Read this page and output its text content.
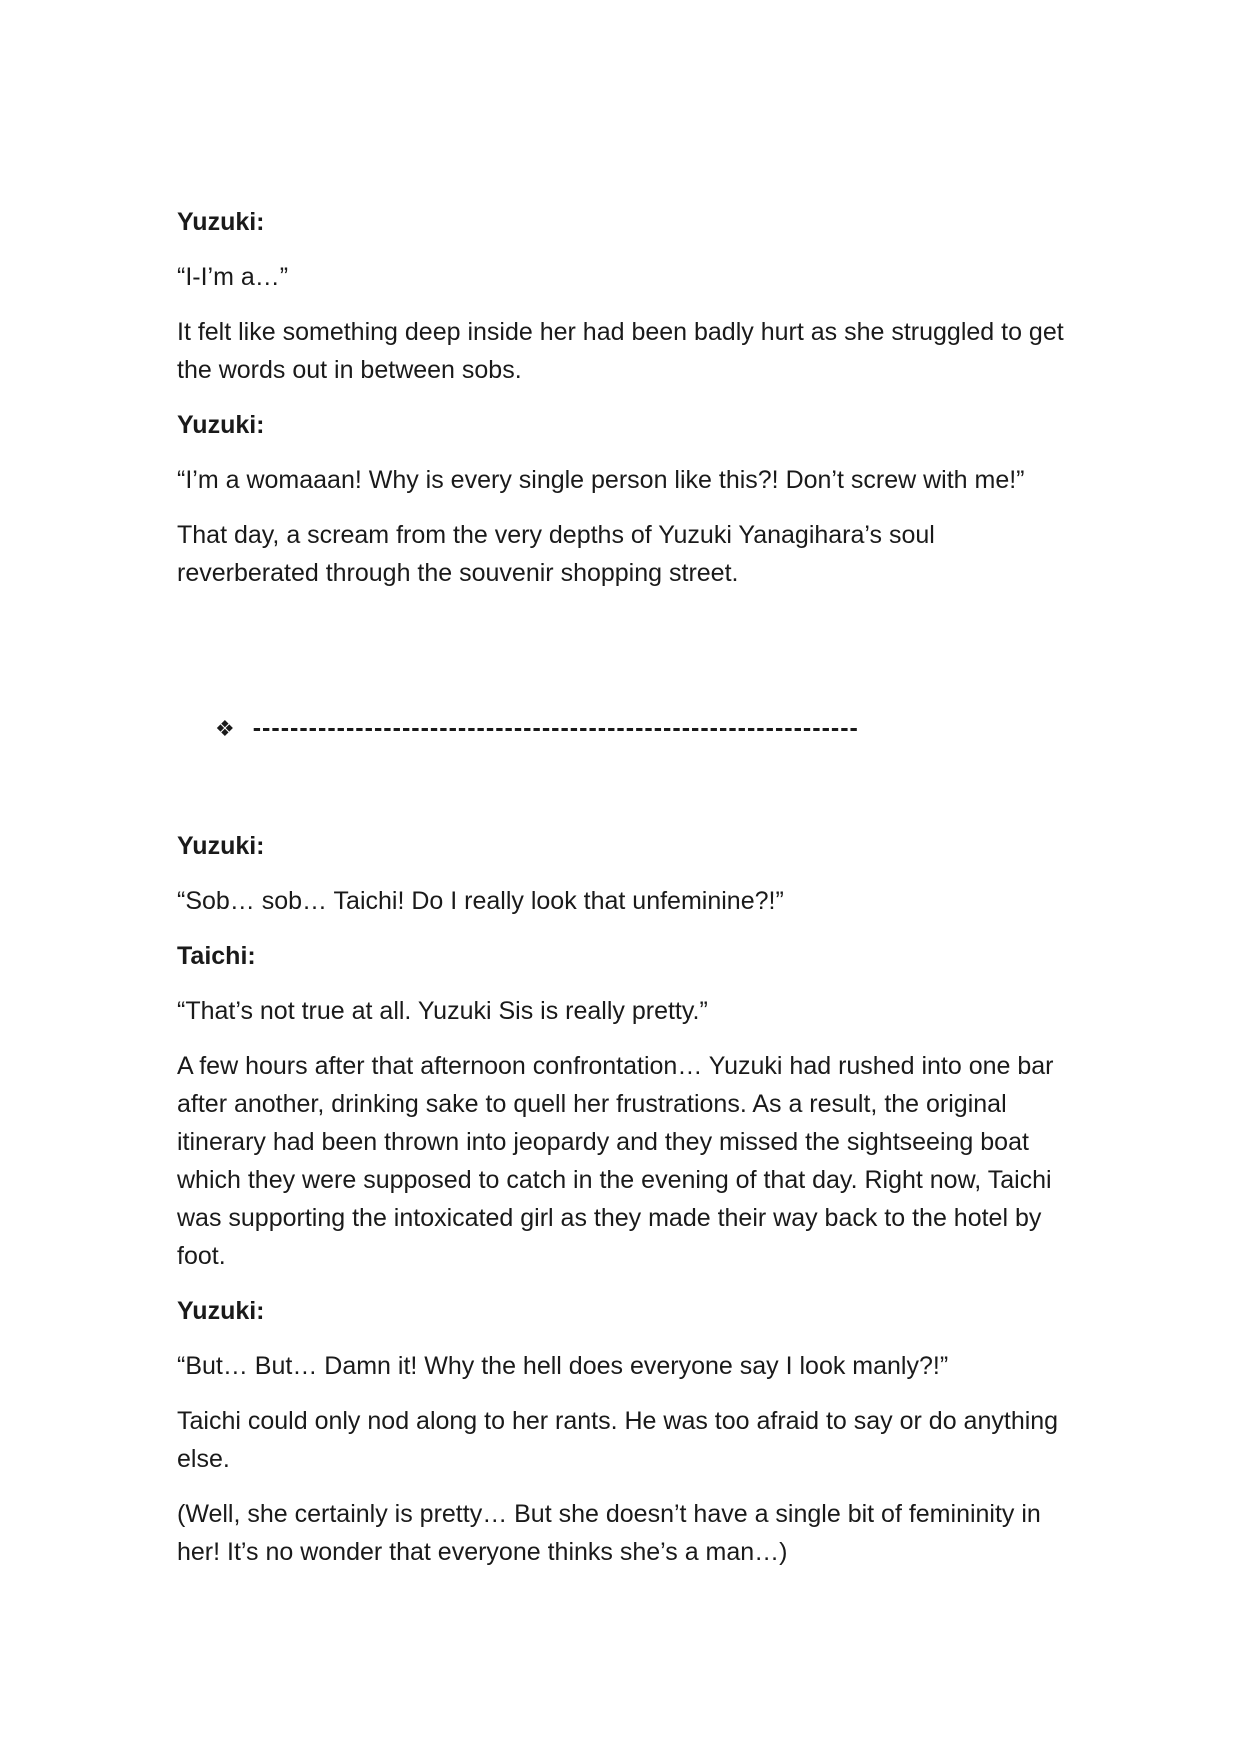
Yuzuki:

“I-I’m a…”

It felt like something deep inside her had been badly hurt as she struggled to get the words out in between sobs.

Yuzuki:

“I’m a womaaan! Why is every single person like this?! Don’t screw with me!”

That day, a scream from the very depths of Yuzuki Yanagihara’s soul reverberated through the souvenir shopping street.

❖ -----------------------------------------------------------------

Yuzuki:

“Sob… sob… Taichi! Do I really look that unfeminine?!”

Taichi:

“That’s not true at all. Yuzuki Sis is really pretty.”

A few hours after that afternoon confrontation… Yuzuki had rushed into one bar after another, drinking sake to quell her frustrations. As a result, the original itinerary had been thrown into jeopardy and they missed the sightseeing boat which they were supposed to catch in the evening of that day. Right now, Taichi was supporting the intoxicated girl as they made their way back to the hotel by foot.

Yuzuki:

“But… But… Damn it! Why the hell does everyone say I look manly?!”

Taichi could only nod along to her rants. He was too afraid to say or do anything else.

(Well, she certainly is pretty… But she doesn’t have a single bit of femininity in her! It’s no wonder that everyone thinks she’s a man…)
